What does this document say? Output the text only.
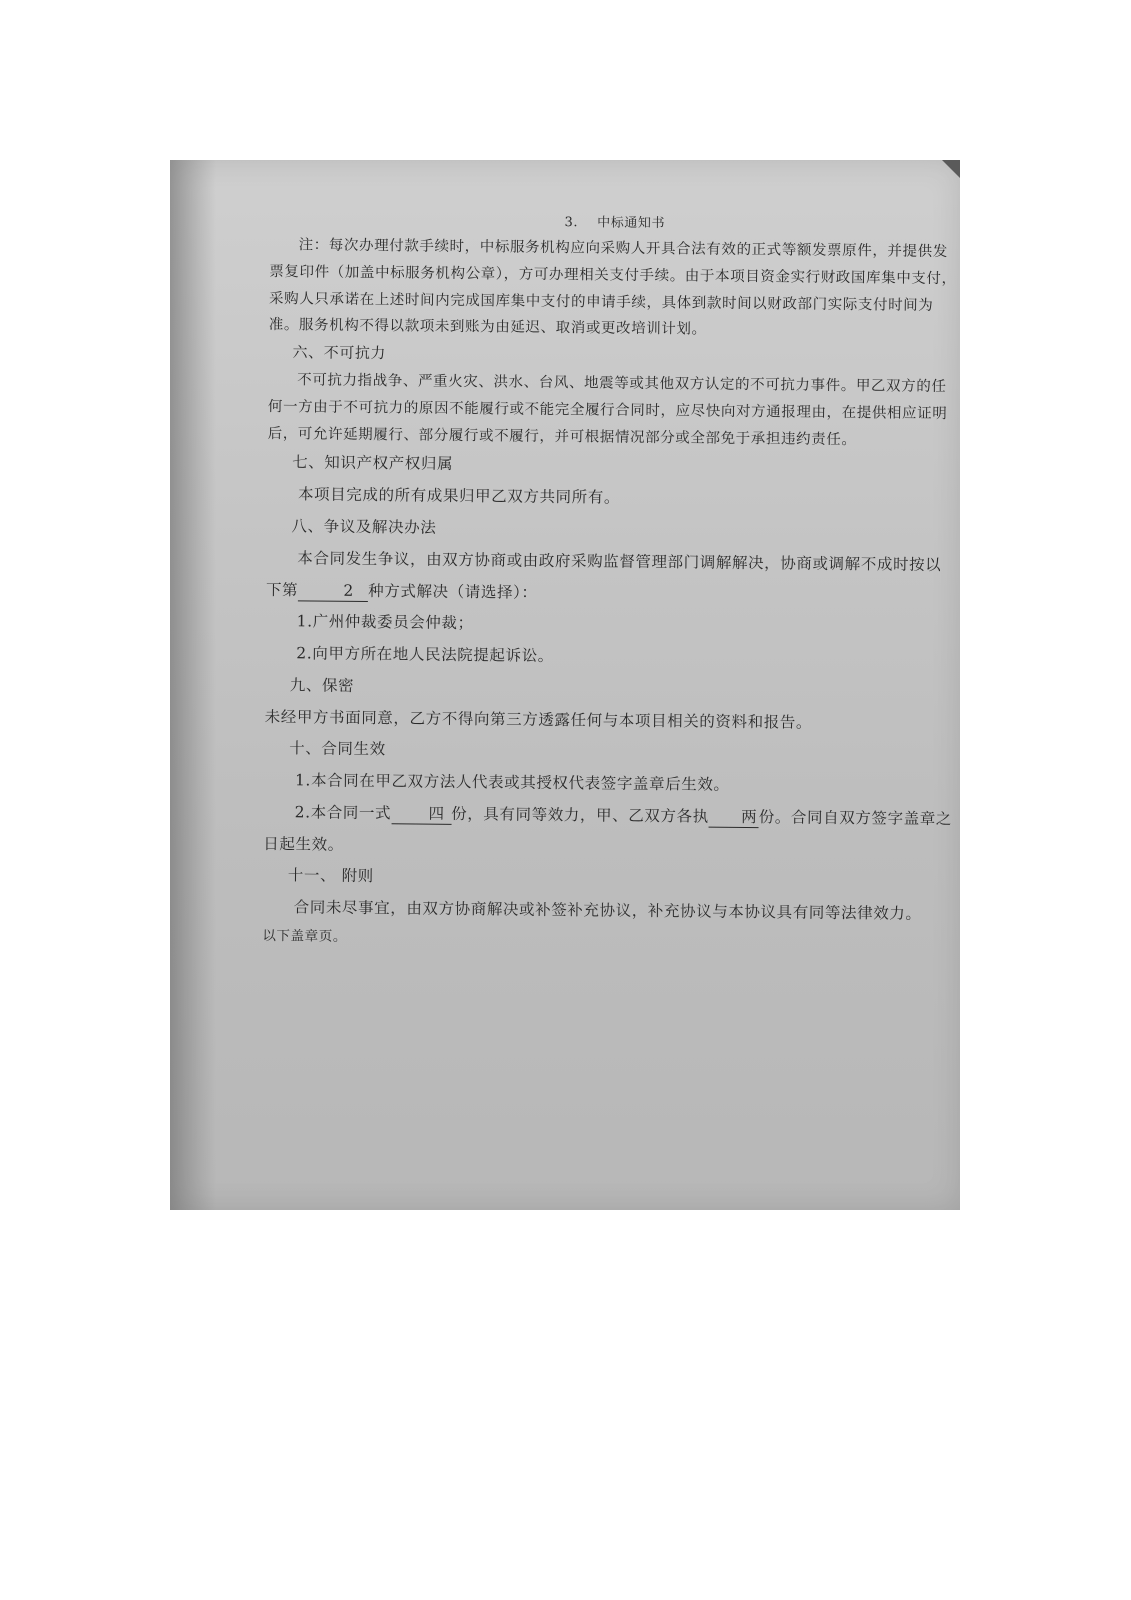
3. 中标通知书

注：每次办理付款手续时，中标服务机构应向采购人开具合法有效的正式等额发票原件，并提供发票复印件（加盖中标服务机构公章），方可办理相关支付手续。由于本项目资金实行财政国库集中支付，采购人只承诺在上述时间内完成国库集中支付的申请手续，具体到款时间以财政部门实际支付时间为准。服务机构不得以款项未到账为由延迟、取消或更改培训计划。

六、不可抗力

不可抗力指战争、严重火灾、洪水、台风、地震等或其他双方认定的不可抗力事件。甲乙双方的任何一方由于不可抗力的原因不能履行或不能完全履行合同时，应尽快向对方通报理由，在提供相应证明后，可允许延期履行、部分履行或不履行，并可根据情况部分或全部免于承担违约责任。

七、知识产权产权归属

本项目完成的所有成果归甲乙双方共同所有。

八、争议及解决办法

本合同发生争议，由双方协商或由政府采购监督管理部门调解解决，协商或调解不成时按以下第	2 种方式解决（请选择）：

1.广州仲裁委员会仲裁；

2.向甲方所在地人民法院提起诉讼。

九、保密

未经甲方书面同意，乙方不得向第三方透露任何与本项目相关的资料和报告。

十、合同生效

1.本合同在甲乙双方法人代表或其授权代表签字盖章后生效。

2.本合同一式 四 份，具有同等效力，甲、乙双方各执 两份。合同自双方签字盖章之日起生效。

十一、 附则

合同未尽事宜，由双方协商解决或补签补充协议，补充协议与本协议具有同等法律效力。

以下盖章页。
